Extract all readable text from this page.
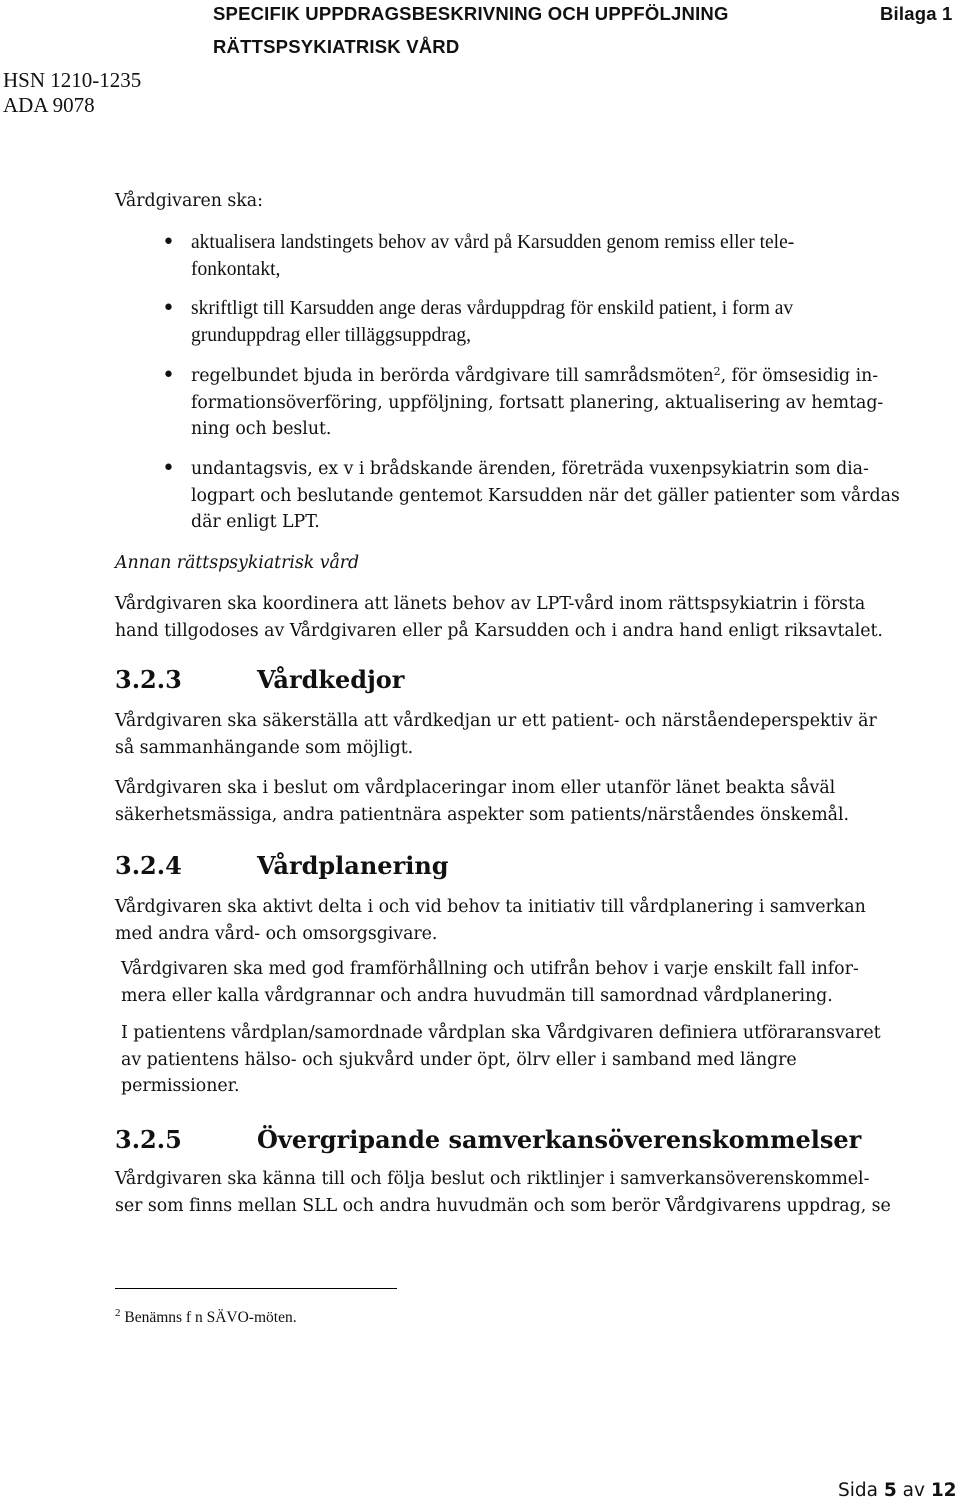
SPECIFIK UPPDRAGSBESKRIVNING OCH UPPFÖLJNING
RÄTTSPSYKIATRISK VÅRD
Bilaga 1
HSN 1210-1235
ADA 9078
Vårdgivaren ska:
• aktualisera landstingets behov av vård på Karsudden genom remiss eller tele-
fonkontakt,
• skriftligt till Karsudden ange deras vårduppdrag för enskild patient, i form av
grunduppdrag eller tilläggsuppdrag,
• regelbundet bjuda in berörda vårdgivare till samrådsmöten$^2$, för ömsesidig in-
formationsöverföring, uppföljning, fortsatt planering, aktualisering av hemtag-
ning och beslut.
• undantagsvis, ex v i brådskande ärenden, företräda vuxenpsykiatrin som dia-
logpart och beslutande gentemot Karsudden när det gäller patienter som vårdas
där enligt LPT.
Annan rättspsykiatrisk vård
Vårdgivaren ska koordinera att länets behov av LPT-vård inom rättspsykiatrin i första
hand tillgodoses av Vårdgivaren eller på Karsudden och i andra hand enligt riksavtalet.
3.2.3	Vårdkedjor
Vårdgivaren ska säkerställa att vårdkedjan ur ett patient- och närståendeperspektiv är
så sammanhängande som möjligt.
Vårdgivaren ska i beslut om vårdplaceringar inom eller utanför länet beakta såväl
säkerhetsmässiga, andra patientnära aspekter som patients/närståendes önskemål.
3.2.4	Vårdplanering
Vårdgivaren ska aktivt delta i och vid behov ta initiativ till vårdplanering i samverkan
med andra vård- och omsorgsgivare.
Vårdgivaren ska med god framförhållning och utifrån behov i varje enskilt fall infor-
mera eller kalla vårdgrannar och andra huvudmän till samordnad vårdplanering.
I patientens vårdplan/samordnade vårdplan ska Vårdgivaren definiera utföraransvaret
av patientens hälso- och sjukvård under öpt, ölrv eller i samband med längre
permissioner.
3.2.5	Övergripande samverkansöverenskommelser
Vårdgivaren ska känna till och följa beslut och riktlinjer i samverkansöverenskommel-
ser som finns mellan SLL och andra huvudmän och som berör Vårdgivarens uppdrag, se
$^2$ Benämns f n SÄVO-möten.
Sida 5 av 12
